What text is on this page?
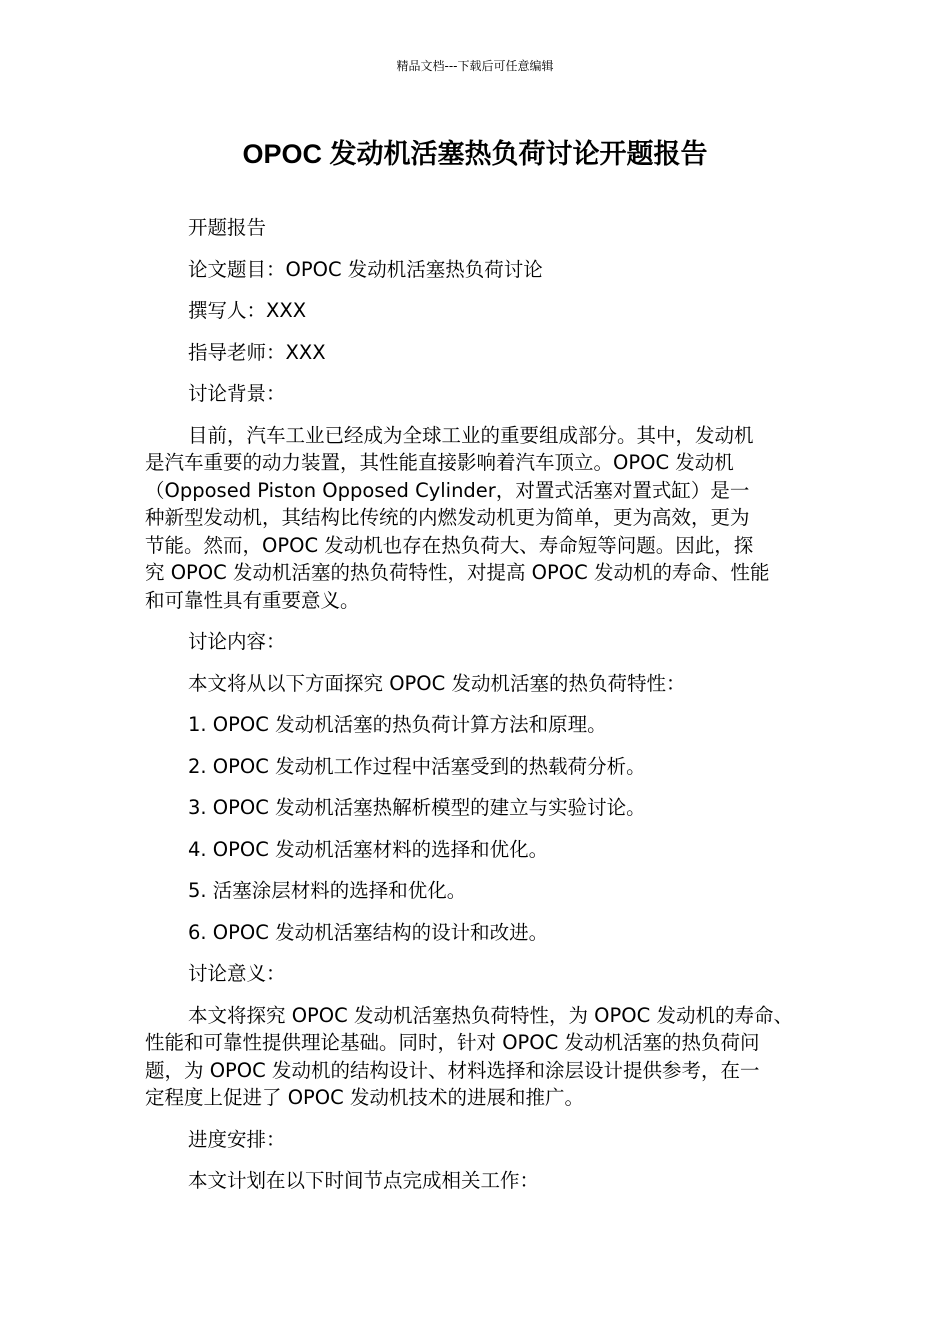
精品文档---下载后可任意编辑
OPOC 发动机活塞热负荷讨论开题报告
开题报告
论文题目：OPOC 发动机活塞热负荷讨论
撰写人：XXX
指导老师：XXX
讨论背景：
目前，汽车工业已经成为全球工业的重要组成部分。其中，发动机
是汽车重要的动力装置，其性能直接影响着汽车顶立。OPOC 发动机
（Opposed Piston Opposed Cylinder，对置式活塞对置式缸）是一
种新型发动机，其结构比传统的内燃发动机更为简单，更为高效，更为
节能。然而，OPOC 发动机也存在热负荷大、寿命短等问题。因此，探
究 OPOC 发动机活塞的热负荷特性，对提高 OPOC 发动机的寿命、性能
和可靠性具有重要意义。
讨论内容：
本文将从以下方面探究 OPOC 发动机活塞的热负荷特性：
1. OPOC 发动机活塞的热负荷计算方法和原理。
2. OPOC 发动机工作过程中活塞受到的热载荷分析。
3. OPOC 发动机活塞热解析模型的建立与实验讨论。
4. OPOC 发动机活塞材料的选择和优化。
5. 活塞涂层材料的选择和优化。
6. OPOC 发动机活塞结构的设计和改进。
讨论意义：
本文将探究 OPOC 发动机活塞热负荷特性，为 OPOC 发动机的寿命、
性能和可靠性提供理论基础。同时，针对 OPOC 发动机活塞的热负荷问
题，为 OPOC 发动机的结构设计、材料选择和涂层设计提供参考，在一
定程度上促进了 OPOC 发动机技术的进展和推广。
进度安排：
本文计划在以下时间节点完成相关工作：
